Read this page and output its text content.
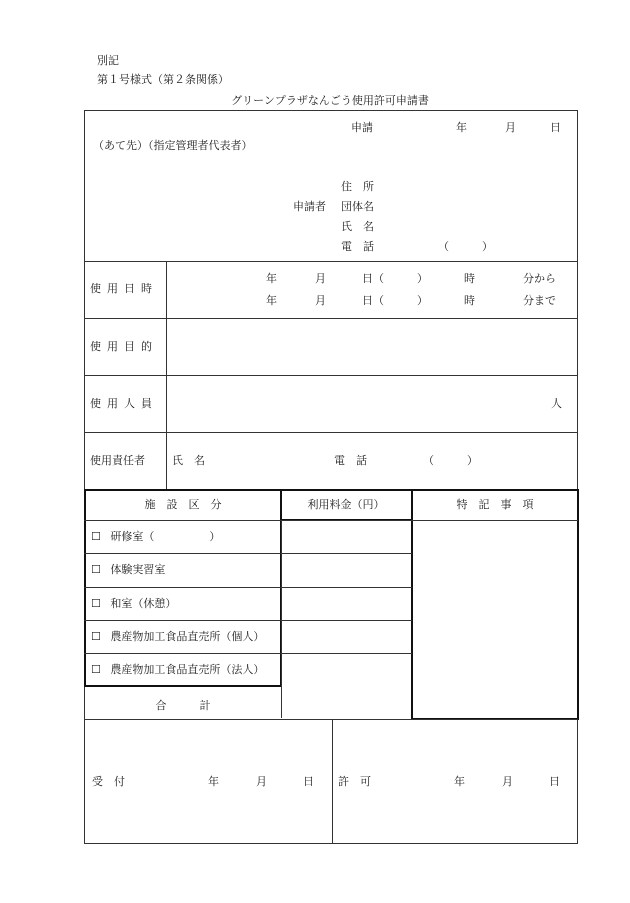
別記
第１号様式（第２条関係）
グリーンプラザなんごう使用許可申請書
申請	年	月	日
（あて先）（指定管理者代表者）
住　所
申請者 団体名
氏　名
電　話	（　　　）
使用日時
年	月	日（	）	時	分から
年	月	日（	）	時	分まで
使用目的
使用人員	人
使用責任者 氏　名	電　話	（　　　）
施　設　区　分	利用料金（円）	特　記　事　項
☐ 研修室（　　　　　）
☐ 体験実習室
☐ 和室（休憩）
☐ 農産物加工食品直売所（個人）
☐ 農産物加工食品直売所（法人）
合　　　計
受　付	年	月	日 許　可	年	月	日
